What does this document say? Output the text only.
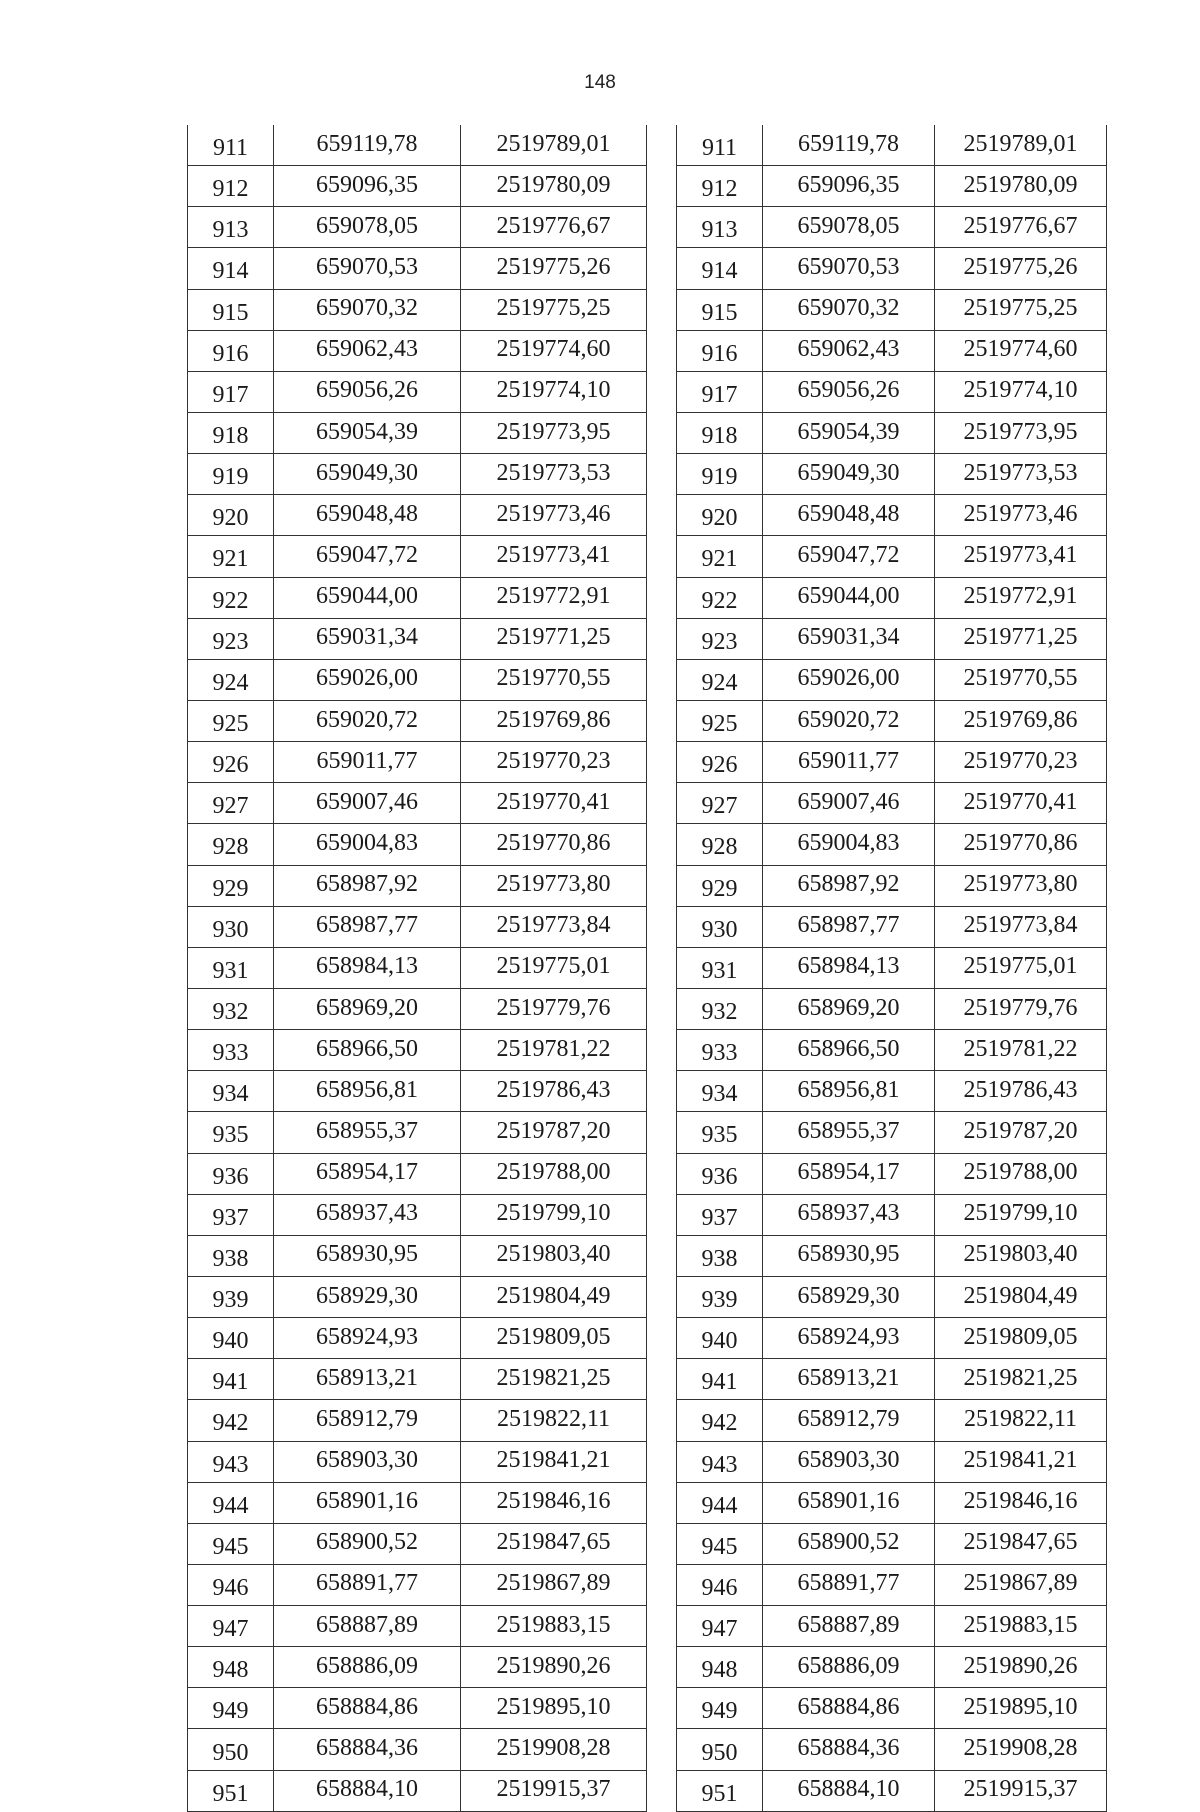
148
911	659119,78	2519789,01
912	659096,35	2519780,09
913	659078,05	2519776,67
914	659070,53	2519775,26
915	659070,32	2519775,25
916	659062,43	2519774,60
917	659056,26	2519774,10
918	659054,39	2519773,95
919	659049,30	2519773,53
920	659048,48	2519773,46
921	659047,72	2519773,41
922	659044,00	2519772,91
923	659031,34	2519771,25
924	659026,00	2519770,55
925	659020,72	2519769,86
926	659011,77	2519770,23
927	659007,46	2519770,41
928	659004,83	2519770,86
929	658987,92	2519773,80
930	658987,77	2519773,84
931	658984,13	2519775,01
932	658969,20	2519779,76
933	658966,50	2519781,22
934	658956,81	2519786,43
935	658955,37	2519787,20
936	658954,17	2519788,00
937	658937,43	2519799,10
938	658930,95	2519803,40
939	658929,30	2519804,49
940	658924,93	2519809,05
941	658913,21	2519821,25
942	658912,79	2519822,11
943	658903,30	2519841,21
944	658901,16	2519846,16
945	658900,52	2519847,65
946	658891,77	2519867,89
947	658887,89	2519883,15
948	658886,09	2519890,26
949	658884,86	2519895,10
950	658884,36	2519908,28
951	658884,10	2519915,37
911	659119,78	2519789,01
912	659096,35	2519780,09
913	659078,05	2519776,67
914	659070,53	2519775,26
915	659070,32	2519775,25
916	659062,43	2519774,60
917	659056,26	2519774,10
918	659054,39	2519773,95
919	659049,30	2519773,53
920	659048,48	2519773,46
921	659047,72	2519773,41
922	659044,00	2519772,91
923	659031,34	2519771,25
924	659026,00	2519770,55
925	659020,72	2519769,86
926	659011,77	2519770,23
927	659007,46	2519770,41
928	659004,83	2519770,86
929	658987,92	2519773,80
930	658987,77	2519773,84
931	658984,13	2519775,01
932	658969,20	2519779,76
933	658966,50	2519781,22
934	658956,81	2519786,43
935	658955,37	2519787,20
936	658954,17	2519788,00
937	658937,43	2519799,10
938	658930,95	2519803,40
939	658929,30	2519804,49
940	658924,93	2519809,05
941	658913,21	2519821,25
942	658912,79	2519822,11
943	658903,30	2519841,21
944	658901,16	2519846,16
945	658900,52	2519847,65
946	658891,77	2519867,89
947	658887,89	2519883,15
948	658886,09	2519890,26
949	658884,86	2519895,10
950	658884,36	2519908,28
951	658884,10	2519915,37
